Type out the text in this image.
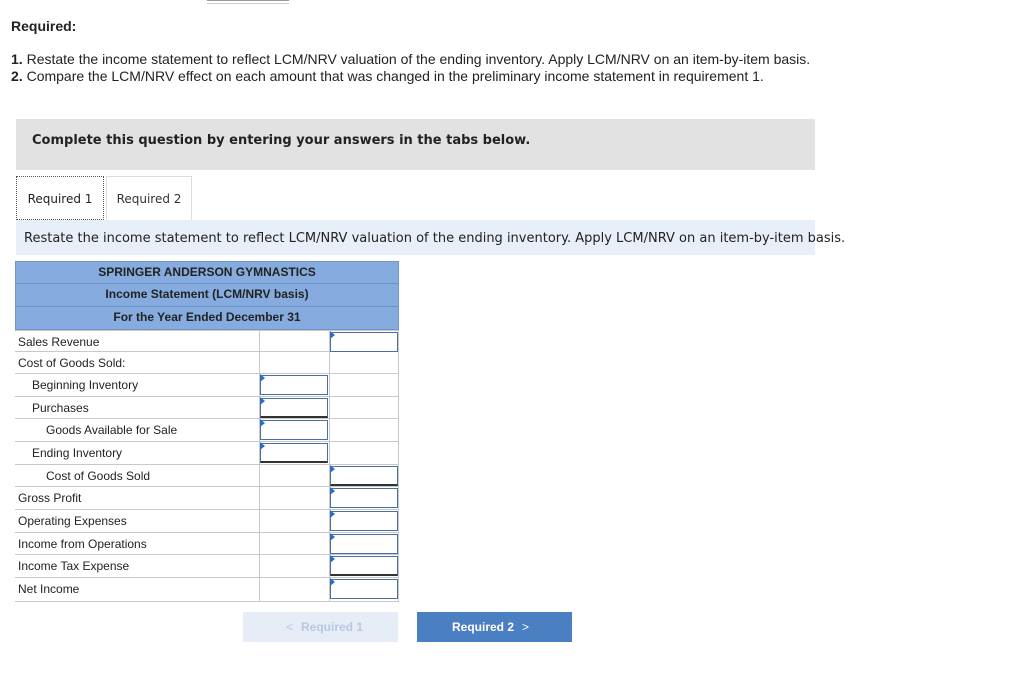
Required:
1. Restate the income statement to reflect LCM/NRV valuation of the ending inventory. Apply LCM/NRV on an item-by-item basis.
2. Compare the LCM/NRV effect on each amount that was changed in the preliminary income statement in requirement 1.
Complete this question by entering your answers in the tabs below.
Required 1	Required 2
Restate the income statement to reflect LCM/NRV valuation of the ending inventory. Apply LCM/NRV on an item-by-item basis.
SPRINGER ANDERSON GYMNASTICS
Income Statement (LCM/NRV basis)
For the Year Ended December 31
Sales Revenue
Cost of Goods Sold:
Beginning Inventory
Purchases
Goods Available for Sale
Ending Inventory
Cost of Goods Sold
Gross Profit
Operating Expenses
Income from Operations
Income Tax Expense
Net Income
< Required 1	Required 2 >
